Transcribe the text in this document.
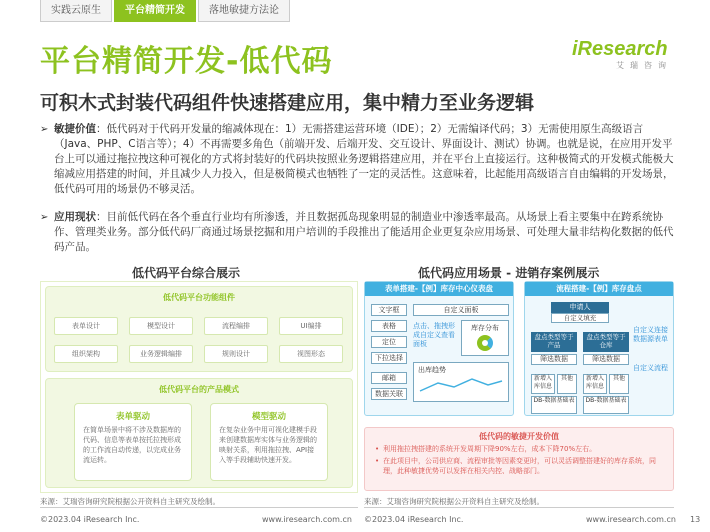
实践云原生	平台精简开发	落地敏捷方法论
iResearch
艾瑞咨询
平台精简开发-低代码
可积木式封装代码组件快速搭建应用，集中精力至业务逻辑
➢ 敏捷价值：低代码对于代码开发量的缩减体现在：1）无需搭建运营环境（IDE）；2）无需编译代码；3）无需使用原生高级语言（Java、PHP、C语言等）；4）不再需要多角色（前端开发、后端开发、交互设计、界面设计、测试）协调。也就是说，在应用开发平台上可以通过拖拉拽这种可视化的方式将封装好的代码块按照业务逻辑搭建应用，并在平台上直接运行。这种极简式的开发模式能极大缩减应用搭建的时间，并且减少人力投入，但是极简模式也牺牲了一定的灵活性。这意味着，比起能用高级语言自由编辑的开发场景，低代码可用的场景仍不够灵活。
➢ 应用现状：目前低代码在各个垂直行业均有所渗透，并且数据孤岛现象明显的制造业中渗透率最高。从场景上看主要集中在跨系统协作、管理类业务。部分低代码厂商通过场景挖掘和用户培训的手段推出了能适用企业更复杂应用场景、可处理大量非结构化数据的低代码产品。
低代码平台综合展示	低代码应用场景 - 进销存案例展示
低代码平台功能组件
表单设计	模型设计	流程编排	UI编排
组织架构	业务逻辑编排	规则设计	视图形态
低代码平台的产品模式
表单驱动
在简单场景中将不涉及数据库的代码、信息等表单按托拉拽形成的工作流自动传递，以完成业务流运转。
模型驱动
在复杂业务中用可视化建模手段来创建数据库实体与业务逻辑的映射关系，利用拖拉拽、API接入等手段辅助快速开发。
来源：艾瑞咨询研究院根据公开资料自主研究及绘制。
表单搭建-【例】库存中心仪表盘
文字框
表格
定位
下拉选择
邮箱
数据关联
自定义面板
点击、拖拽形成自定义查看面板
库存分布
出库趋势
流程搭建-【例】库存盘点
申请人
自定义填充
盘点类型等于产品
盘点类型等于仓库
筛选数据	筛选数据
新增入库信息
其他	新增入库信息
其他
DB-数据基础表	DB-数据基础表
自定义连接数据源表单
自定义流程
低代码的敏捷开发价值
• 利用拖拉拽搭建的系统开发周期下降90%左右，成本下降70%左右。
• 在此项目中，公司供应商、流程审批等因素变更时，可以灵活调整搭建好的库存系统，同理，此种敏捷优势可以发挥在相关内控、战略部门。
来源：艾瑞咨询研究院根据公开资料自主研究及绘制。
©2023.04 iResearch Inc.	www.iresearch.com.cn ©2023.04 iResearch Inc.	www.iresearch.com.cn 13
